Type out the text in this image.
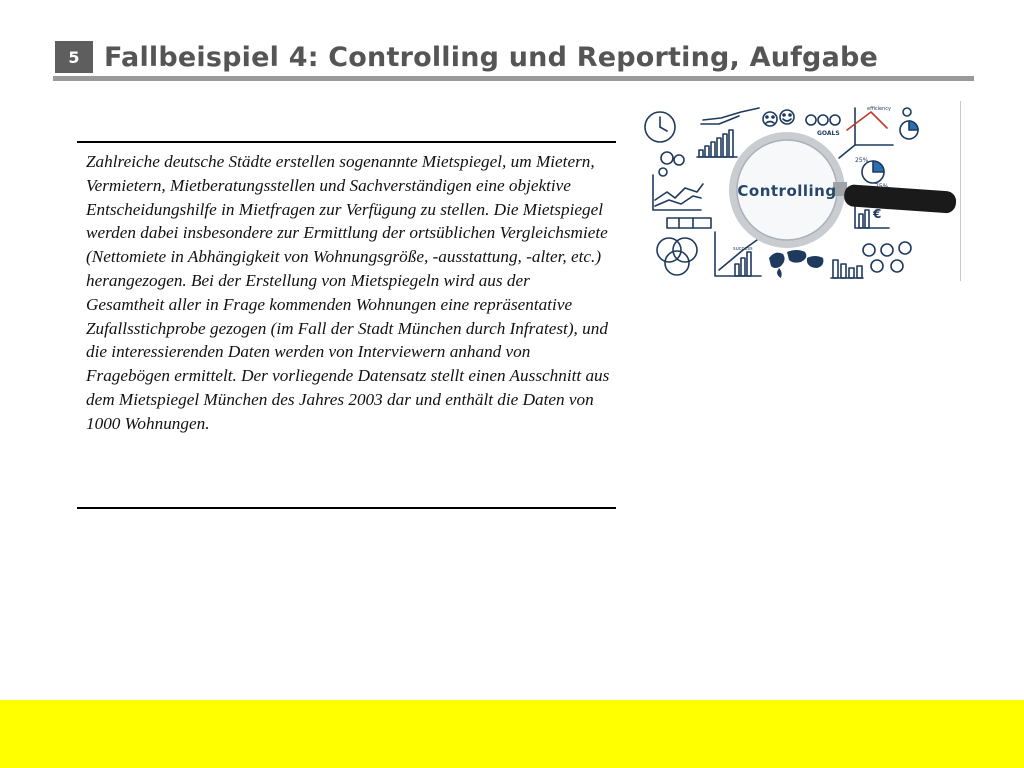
5 Fallbeispiel 4: Controlling und Reporting, Aufgabe

Zahlreiche deutsche Städte erstellen sogenannte Mietspiegel, um Mietern, Vermietern, Mietberatungsstellen und Sachverständigen eine objektive Entscheidungshilfe in Mietfragen zur Verfügung zu stellen. Die Mietspiegel werden dabei insbesondere zur Ermittlung der ortsüblichen Vergleichsmiete (Nettomiete in Abhängigkeit von Wohnungsgröße, -ausstattung, -alter, etc.) herangezogen. Bei der Erstellung von Mietspiegeln wird aus der Gesamtheit aller in Frage kommenden Wohnungen eine repräsentative Zufallsstichprobe gezogen (im Fall der Stadt München durch Infratest), und die interessierenden Daten werden von Interviewern anhand von Fragebögen ermittelt. Der vorliegende Datensatz stellt einen Ausschnitt aus dem Mietspiegel München des Jahres 2003 dar und enthält die Daten von 1000 Wohnungen.

Controlling
GOALS
efficiency
25%
75%
success
€
